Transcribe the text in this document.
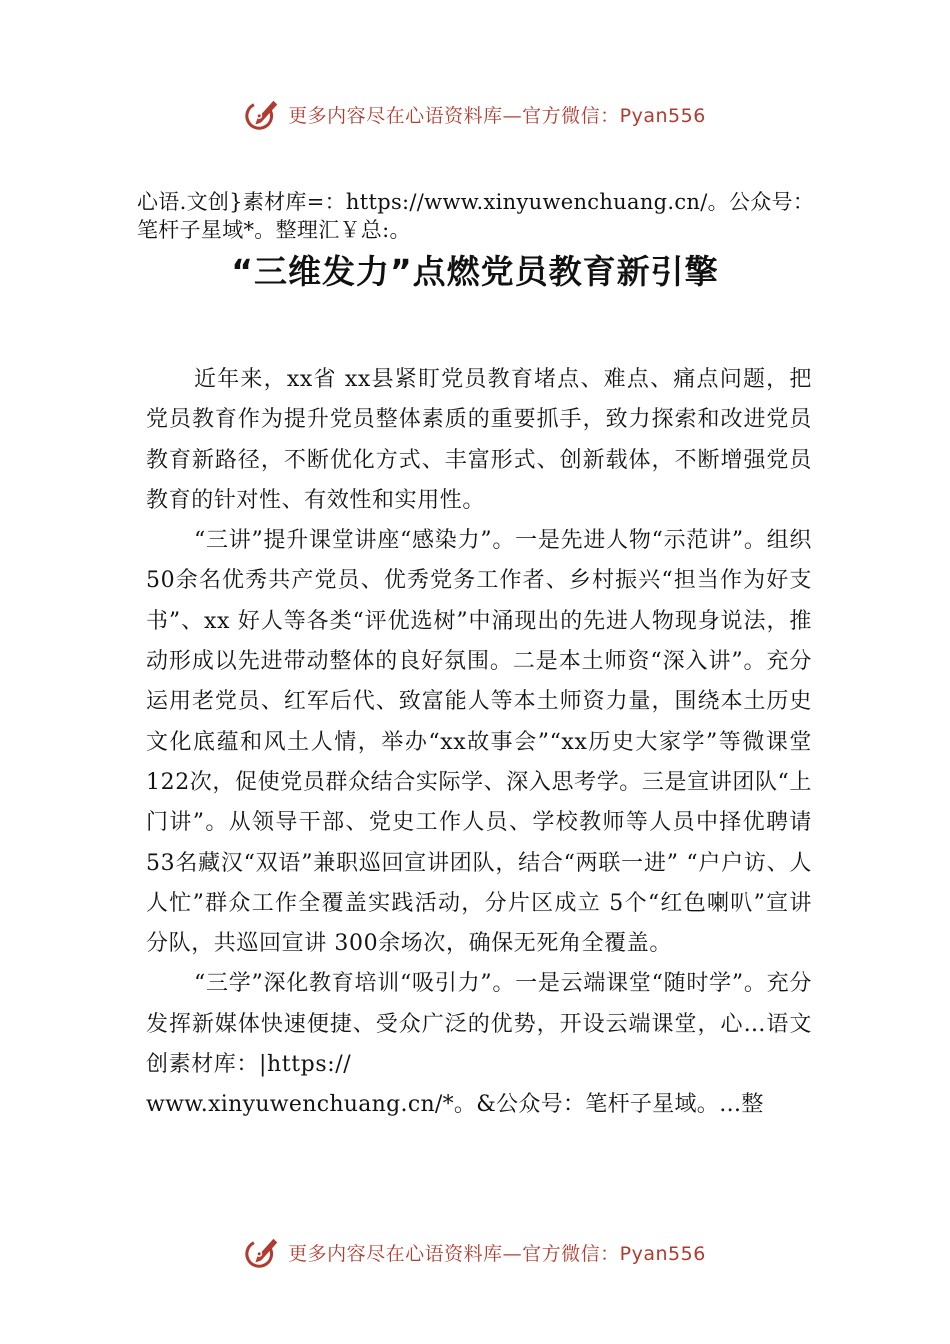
更多内容尽在心语资料库—官方微信：Pyan556
心语.文创}素材库=：https://www.xinyuwenchuang.cn/。公众号：笔杆子星域*。整理汇￥总:。
“三维发力”点燃党员教育新引擎

近年来，xx省 xx县紧盯党员教育堵点、难点、痛点问题，把党员教育作为提升党员整体素质的重要抓手，致力探索和改进党员教育新路径，不断优化方式、丰富形式、创新载体，不断增强党员教育的针对性、有效性和实用性。

“三讲”提升课堂讲座“感染力”。一是先进人物“示范讲”。组织 50余名优秀共产党员、优秀党务工作者、乡村振兴“担当作为好支书”、xx 好人等各类“评优选树”中涌现出的先进人物现身说法，推动形成以先进带动整体的良好氛围。二是本土师资“深入讲”。充分运用老党员、红军后代、致富能人等本土师资力量，围绕本土历史文化底蕴和风土人情，举办“xx故事会”“xx历史大家学”等微课堂 122次，促使党员群众结合实际学、深入思考学。三是宣讲团队“上门讲”。从领导干部、党史工作人员、学校教师等人员中择优聘请53名藏汉“双语”兼职巡回宣讲团队，结合“两联一进” “户户访、人人忙”群众工作全覆盖实践活动，分片区成立 5个“红色喇叭”宣讲分队，共巡回宣讲 300余场次，确保无死角全覆盖。

“三学”深化教育培训“吸引力”。一是云端课堂“随时学”。充分发挥新媒体快速便捷、受众广泛的优势，开设云端课堂，心…语文创素材库：|https://

www.xinyuwenchuang.cn/*。&公众号：笔杆子星域。…整

更多内容尽在心语资料库—官方微信：Pyan556
